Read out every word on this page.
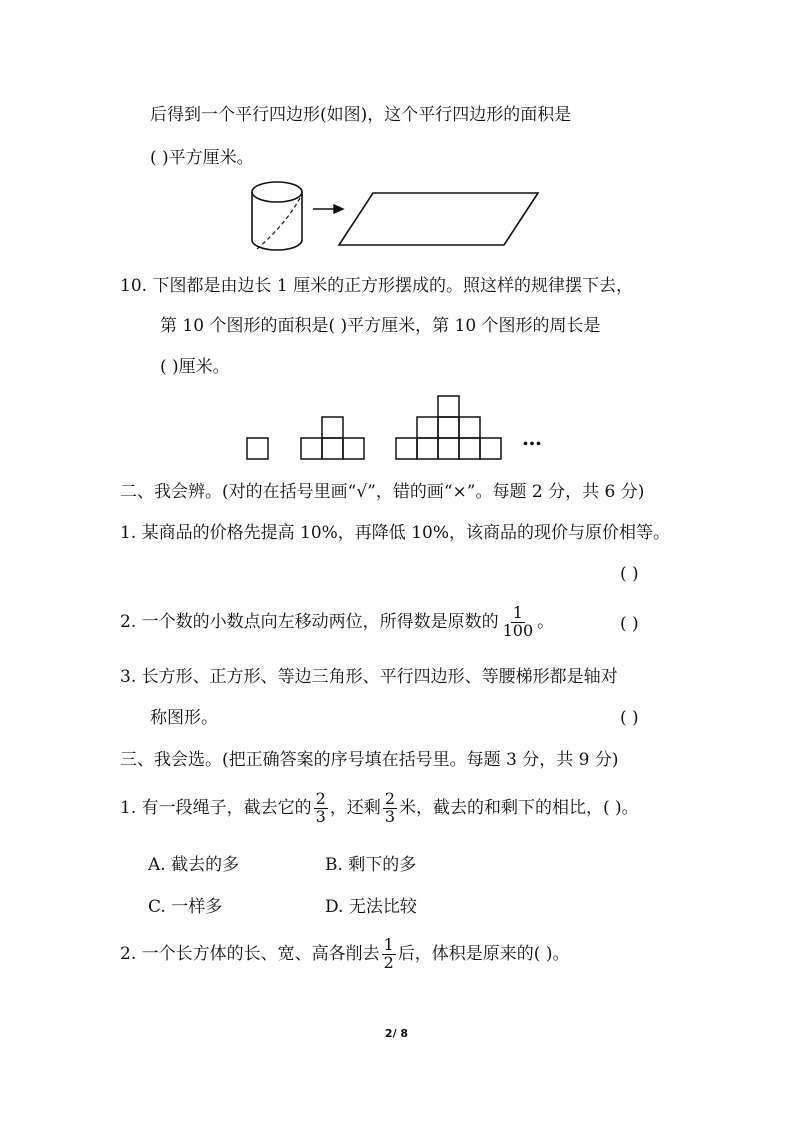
后得到一个平行四边形(如图)，这个平行四边形的面积是
( )平方厘米。
10. 下图都是由边长 1 厘米的正方形摆成的。照这样的规律摆下去，
第 10 个图形的面积是( )平方厘米，第 10 个图形的周长是
( )厘米。
…
二、我会辨。(对的在括号里画“√”，错的画“×”。每题 2 分，共 6 分)
1. 某商品的价格先提高 10%，再降低 10%，该商品的现价与原价相等。
( )
2. 一个数的小数点向左移动两位，所得数是原数的 $\frac{1}{100}$ 。	( )
3. 长方形、正方形、等边三角形、平行四边形、等腰梯形都是轴对
称图形。	( )
三、我会选。(把正确答案的序号填在括号里。每题 3 分，共 9 分)
1. 有一段绳子，截去它的 $\frac{2}{3}$ ，还剩 $\frac{2}{3}$ 米，截去的和剩下的相比，( )。
A. 截去的多	B. 剩下的多
C. 一样多	D. 无法比较
2. 一个长方体的长、宽、高各削去 $\frac{1}{2}$ 后，体积是原来的( )。
2/ 8
